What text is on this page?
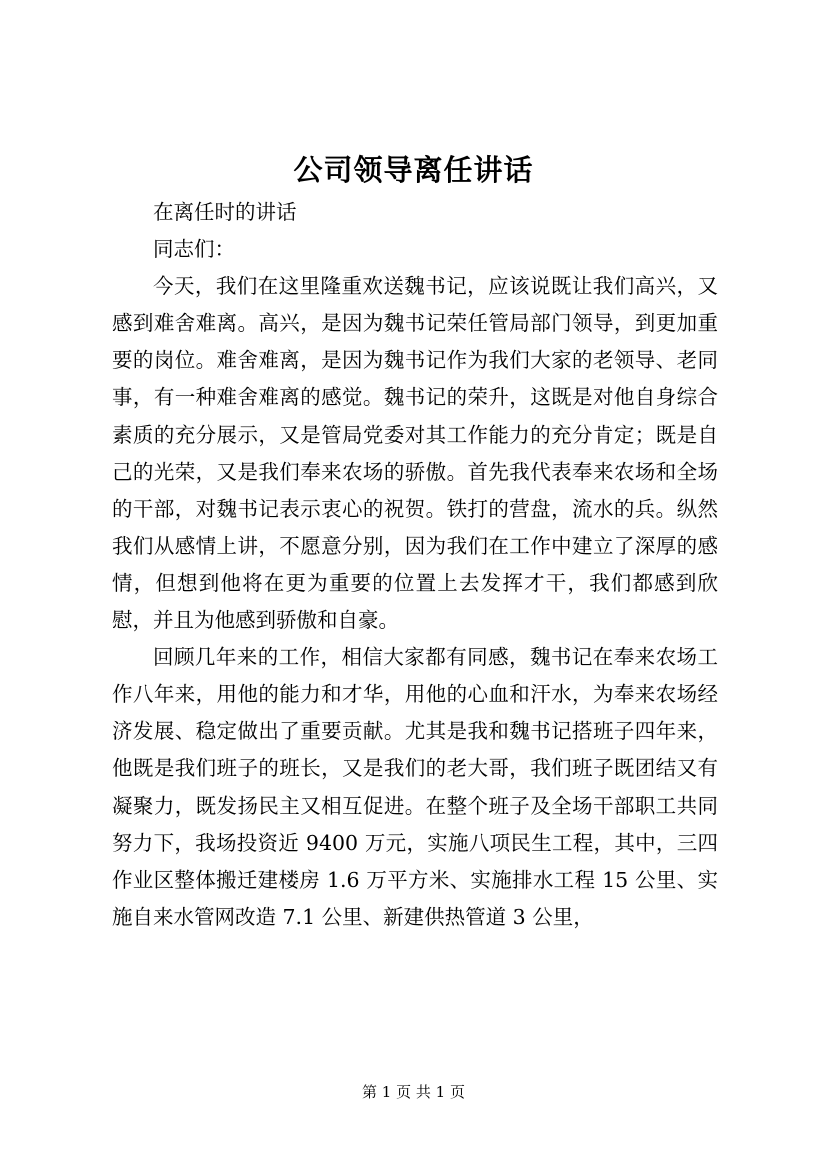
公司领导离任讲话

在离任时的讲话

同志们：

今天，我们在这里隆重欢送魏书记，应该说既让我们高兴，又感到难舍难离。高兴，是因为魏书记荣任管局部门领导，到更加重要的岗位。难舍难离，是因为魏书记作为我们大家的老领导、老同事，有一种难舍难离的感觉。魏书记的荣升，这既是对他自身综合素质的充分展示，又是管局党委对其工作能力的充分肯定；既是自己的光荣，又是我们奉来农场的骄傲。首先我代表奉来农场和全场的干部，对魏书记表示衷心的祝贺。铁打的营盘，流水的兵。纵然我们从感情上讲，不愿意分别，因为我们在工作中建立了深厚的感情，但想到他将在更为重要的位置上去发挥才干，我们都感到欣慰，并且为他感到骄傲和自豪。

回顾几年来的工作，相信大家都有同感，魏书记在奉来农场工作八年来，用他的能力和才华，用他的心血和汗水，为奉来农场经济发展、稳定做出了重要贡献。尤其是我和魏书记搭班子四年来，他既是我们班子的班长，又是我们的老大哥，我们班子既团结又有凝聚力，既发扬民主又相互促进。在整个班子及全场干部职工共同努力下，我场投资近 9400 万元，实施八项民生工程，其中，三四作业区整体搬迁建楼房 1.6 万平方米、实施排水工程 15 公里、实施自来水管网改造 7.1 公里、新建供热管道 3 公里，

第 1 页 共 1 页
